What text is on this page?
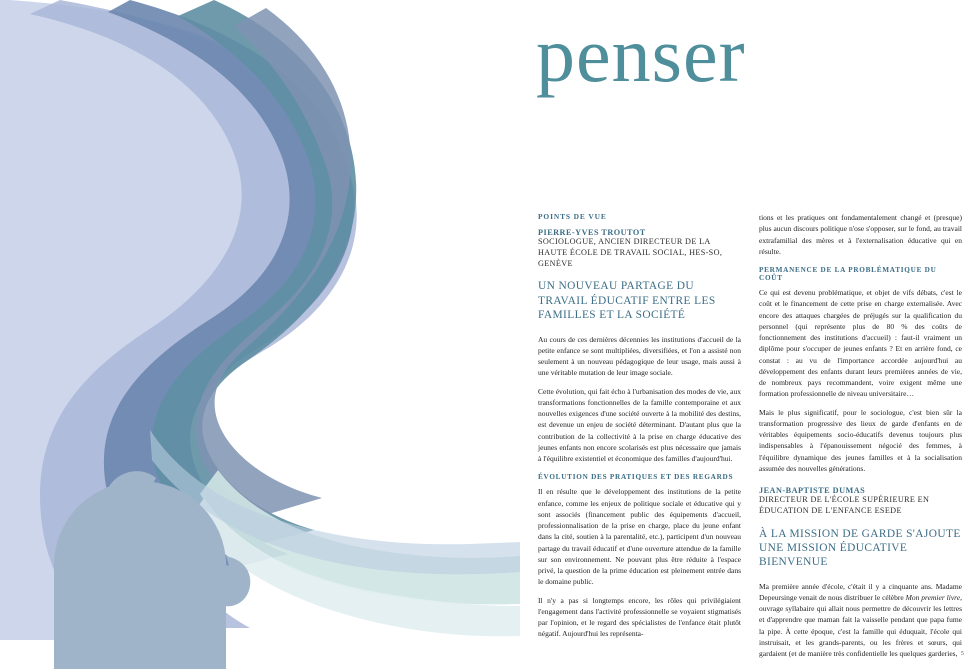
penser
POINTS DE VUE
PIERRE-YVES TROUTOT
SOCIOLOGUE, ANCIEN DIRECTEUR DE LA HAUTE ÉCOLE DE TRAVAIL SOCIAL, HES-SO, GENÈVE
UN NOUVEAU PARTAGE DU TRAVAIL ÉDUCATIF ENTRE LES FAMILLES ET LA SOCIÉTÉ

Au cours de ces dernières décennies les institutions d'accueil de la petite enfance se sont multipliées, diversifiées, et l'on a assisté non seulement à un nouveau pédagogique de leur usage, mais aussi à une véritable mutation de leur image sociale.

Cette évolution, qui fait écho à l'urbanisation des modes de vie, aux transformations fonctionnelles de la famille contemporaine et aux nouvelles exigences d'une société ouverte à la mobilité des destins, est devenue un enjeu de société déterminant. D'autant plus que la contribution de la collectivité à la prise en charge éducative des jeunes enfants non encore scolarisés est plus nécessaire que jamais à l'équilibre existentiel et économique des familles d'aujourd'hui.

ÉVOLUTION DES PRATIQUES ET DES REGARDS

Il en résulte que le développement des institutions de la petite enfance, comme les enjeux de politique sociale et éducative qui y sont associés (financement public des équipements d'accueil, professionnalisation de la prise en charge, place du jeune enfant dans la cité, soutien à la parentalité, etc.), participent d'un nouveau partage du travail éducatif et d'une ouverture attendue de la famille sur son environnement. Ne pouvant plus être réduite à l'espace privé, la question de la prime éducation est pleinement entrée dans le domaine public.

Il n'y a pas si longtemps encore, les rôles qui privilégiaient l'engagement dans l'activité professionnelle se voyaient stigmatisés par l'opinion, et le regard des spécialistes de l'enfance était plutôt négatif. Aujourd'hui les représenta-

tions et les pratiques ont fondamentalement changé et (presque) plus aucun discours politique n'ose s'opposer, sur le fond, au travail extrafamilial des mères et à l'externalisation éducative qui en résulte.

PERMANENCE DE LA PROBLÉMATIQUE DU COÛT

Ce qui est devenu problématique, et objet de vifs débats, c'est le coût et le financement de cette prise en charge externalisée. Avec encore des attaques chargées de préjugés sur la qualification du personnel (qui représente plus de 80 % des coûts de fonctionnement des institutions d'accueil) : faut-il vraiment un diplôme pour s'occuper de jeunes enfants ? Et en arrière fond, ce constat : au vu de l'importance accordée aujourd'hui au développement des enfants durant leurs premières années de vie, de nombreux pays recommandent, voire exigent même une formation professionnelle de niveau universitaire…

Mais le plus significatif, pour le sociologue, c'est bien sûr la transformation progressive des lieux de garde d'enfants en de véritables équipements socio-éducatifs devenus toujours plus indispensables à l'épanouissement négocié des femmes, à l'équilibre dynamique des jeunes familles et à la socialisation assumée des nouvelles générations.

JEAN-BAPTISTE DUMAS
DIRECTEUR DE L'ÉCOLE SUPÉRIEURE EN ÉDUCATION DE L'ENFANCE ESEDE
À LA MISSION DE GARDE S'AJOUTE UNE MISSION ÉDUCATIVE BIENVENUE

Ma première année d'école, c'était il y a cinquante ans. Madame Depeursinge venait de nous distribuer le célèbre Mon premier livre, ouvrage syllabaire qui allait nous permettre de découvrir les lettres et d'apprendre que maman fait la vaisselle pendant que papa fume la pipe. À cette époque, c'est la famille qui éduquait, l'école qui instruisait, et les grands-parents, ou les frères et sœurs, qui gardaient (et de manière très confidentielle les quelques garderies, 5
